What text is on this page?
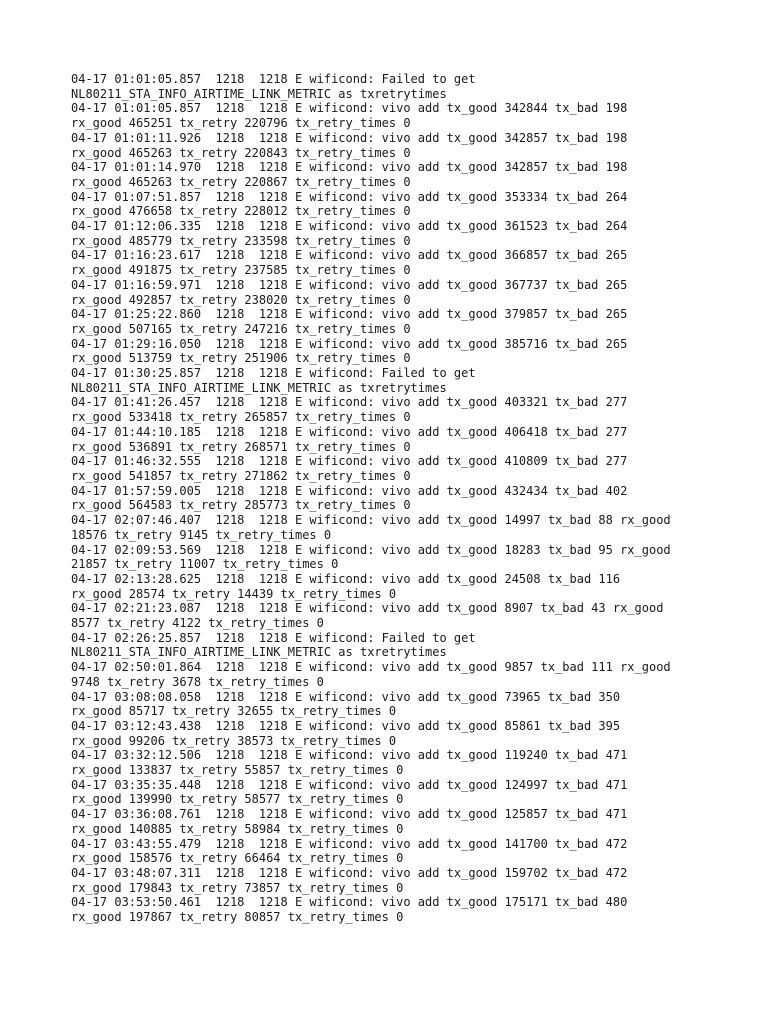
04-17 01:01:05.857  1218  1218 E wificond: Failed to get
NL80211_STA_INFO_AIRTIME_LINK_METRIC as txretrytimes
04-17 01:01:05.857  1218  1218 E wificond: vivo add tx_good 342844 tx_bad 198
rx_good 465251 tx_retry 220796 tx_retry_times 0
04-17 01:01:11.926  1218  1218 E wificond: vivo add tx_good 342857 tx_bad 198
rx_good 465263 tx_retry 220843 tx_retry_times 0
04-17 01:01:14.970  1218  1218 E wificond: vivo add tx_good 342857 tx_bad 198
rx_good 465263 tx_retry 220867 tx_retry_times 0
04-17 01:07:51.857  1218  1218 E wificond: vivo add tx_good 353334 tx_bad 264
rx_good 476658 tx_retry 228012 tx_retry_times 0
04-17 01:12:06.335  1218  1218 E wificond: vivo add tx_good 361523 tx_bad 264
rx_good 485779 tx_retry 233598 tx_retry_times 0
04-17 01:16:23.617  1218  1218 E wificond: vivo add tx_good 366857 tx_bad 265
rx_good 491875 tx_retry 237585 tx_retry_times 0
04-17 01:16:59.971  1218  1218 E wificond: vivo add tx_good 367737 tx_bad 265
rx_good 492857 tx_retry 238020 tx_retry_times 0
04-17 01:25:22.860  1218  1218 E wificond: vivo add tx_good 379857 tx_bad 265
rx_good 507165 tx_retry 247216 tx_retry_times 0
04-17 01:29:16.050  1218  1218 E wificond: vivo add tx_good 385716 tx_bad 265
rx_good 513759 tx_retry 251906 tx_retry_times 0
04-17 01:30:25.857  1218  1218 E wificond: Failed to get
NL80211_STA_INFO_AIRTIME_LINK_METRIC as txretrytimes
04-17 01:41:26.457  1218  1218 E wificond: vivo add tx_good 403321 tx_bad 277
rx_good 533418 tx_retry 265857 tx_retry_times 0
04-17 01:44:10.185  1218  1218 E wificond: vivo add tx_good 406418 tx_bad 277
rx_good 536891 tx_retry 268571 tx_retry_times 0
04-17 01:46:32.555  1218  1218 E wificond: vivo add tx_good 410809 tx_bad 277
rx_good 541857 tx_retry 271862 tx_retry_times 0
04-17 01:57:59.005  1218  1218 E wificond: vivo add tx_good 432434 tx_bad 402
rx_good 564583 tx_retry 285773 tx_retry_times 0
04-17 02:07:46.407  1218  1218 E wificond: vivo add tx_good 14997 tx_bad 88 rx_good
18576 tx_retry 9145 tx_retry_times 0
04-17 02:09:53.569  1218  1218 E wificond: vivo add tx_good 18283 tx_bad 95 rx_good
21857 tx_retry 11007 tx_retry_times 0
04-17 02:13:28.625  1218  1218 E wificond: vivo add tx_good 24508 tx_bad 116
rx_good 28574 tx_retry 14439 tx_retry_times 0
04-17 02:21:23.087  1218  1218 E wificond: vivo add tx_good 8907 tx_bad 43 rx_good
8577 tx_retry 4122 tx_retry_times 0
04-17 02:26:25.857  1218  1218 E wificond: Failed to get
NL80211_STA_INFO_AIRTIME_LINK_METRIC as txretrytimes
04-17 02:50:01.864  1218  1218 E wificond: vivo add tx_good 9857 tx_bad 111 rx_good
9748 tx_retry 3678 tx_retry_times 0
04-17 03:08:08.058  1218  1218 E wificond: vivo add tx_good 73965 tx_bad 350
rx_good 85717 tx_retry 32655 tx_retry_times 0
04-17 03:12:43.438  1218  1218 E wificond: vivo add tx_good 85861 tx_bad 395
rx_good 99206 tx_retry 38573 tx_retry_times 0
04-17 03:32:12.506  1218  1218 E wificond: vivo add tx_good 119240 tx_bad 471
rx_good 133837 tx_retry 55857 tx_retry_times 0
04-17 03:35:35.448  1218  1218 E wificond: vivo add tx_good 124997 tx_bad 471
rx_good 139990 tx_retry 58577 tx_retry_times 0
04-17 03:36:08.761  1218  1218 E wificond: vivo add tx_good 125857 tx_bad 471
rx_good 140885 tx_retry 58984 tx_retry_times 0
04-17 03:43:55.479  1218  1218 E wificond: vivo add tx_good 141700 tx_bad 472
rx_good 158576 tx_retry 66464 tx_retry_times 0
04-17 03:48:07.311  1218  1218 E wificond: vivo add tx_good 159702 tx_bad 472
rx_good 179843 tx_retry 73857 tx_retry_times 0
04-17 03:53:50.461  1218  1218 E wificond: vivo add tx_good 175171 tx_bad 480
rx_good 197867 tx_retry 80857 tx_retry_times 0
